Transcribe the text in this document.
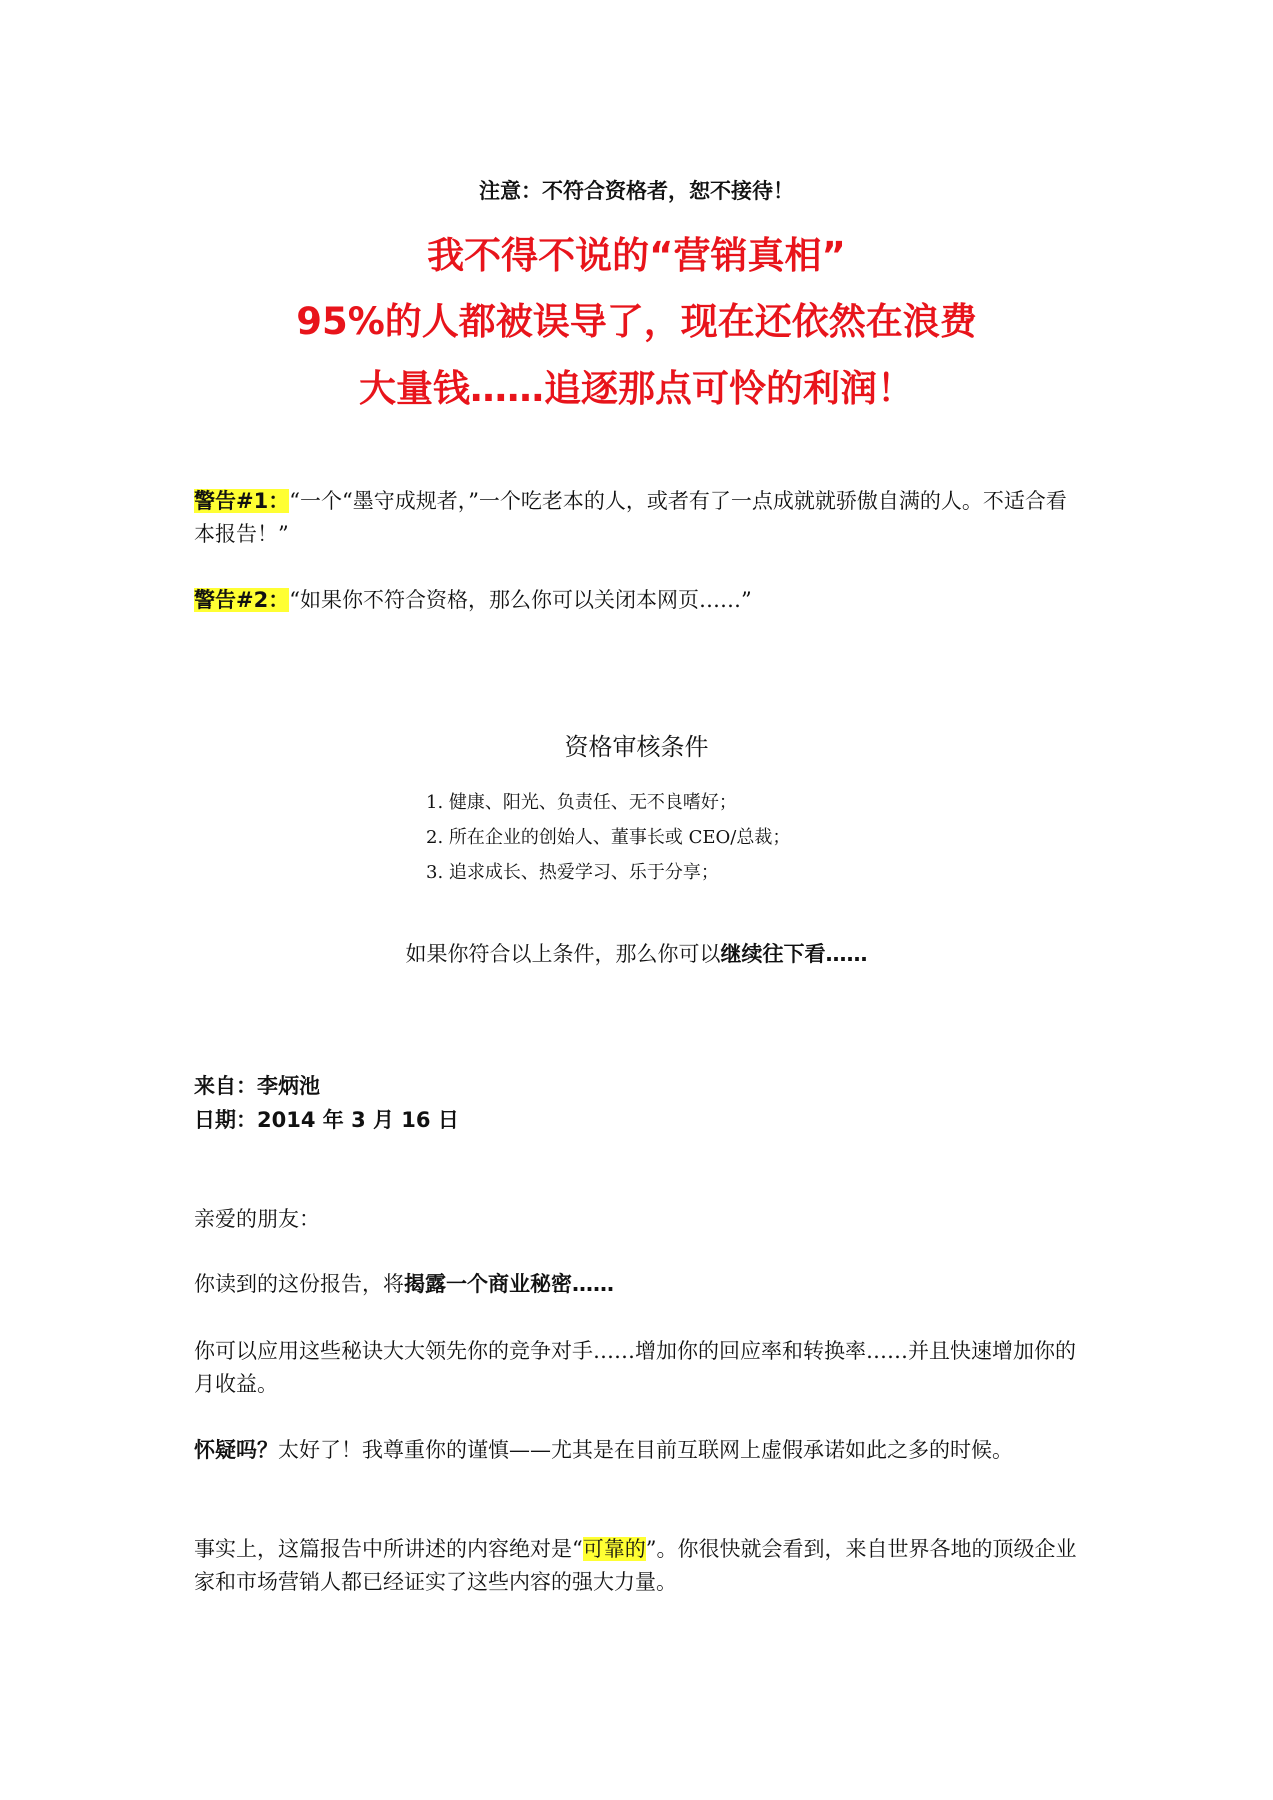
注意：不符合资格者，恕不接待！
我不得不说的“营销真相”
95%的人都被误导了，现在还依然在浪费
大量钱……追逐那点可怜的利润！
警告#1：“一个“墨守成规者，”一个吃老本的人，或者有了一点成就就骄傲自满的人。不适合看本报告！”
警告#2：“如果你不符合资格，那么你可以关闭本网页……”
资格审核条件
1. 健康、阳光、负责任、无不良嗜好；
2. 所在企业的创始人、董事长或 CEO/总裁；
3. 追求成长、热爱学习、乐于分享；
如果你符合以上条件，那么你可以继续往下看……
来自：李炳池
日期：2014 年 3 月 16 日
亲爱的朋友：
你读到的这份报告，将揭露一个商业秘密……
你可以应用这些秘诀大大领先你的竞争对手……增加你的回应率和转换率……并且快速增加你的月收益。
怀疑吗？太好了！我尊重你的谨慎——尤其是在目前互联网上虚假承诺如此之多的时候。
事实上，这篇报告中所讲述的内容绝对是“可靠的”。你很快就会看到，来自世界各地的顶级企业家和市场营销人都已经证实了这些内容的强大力量。
